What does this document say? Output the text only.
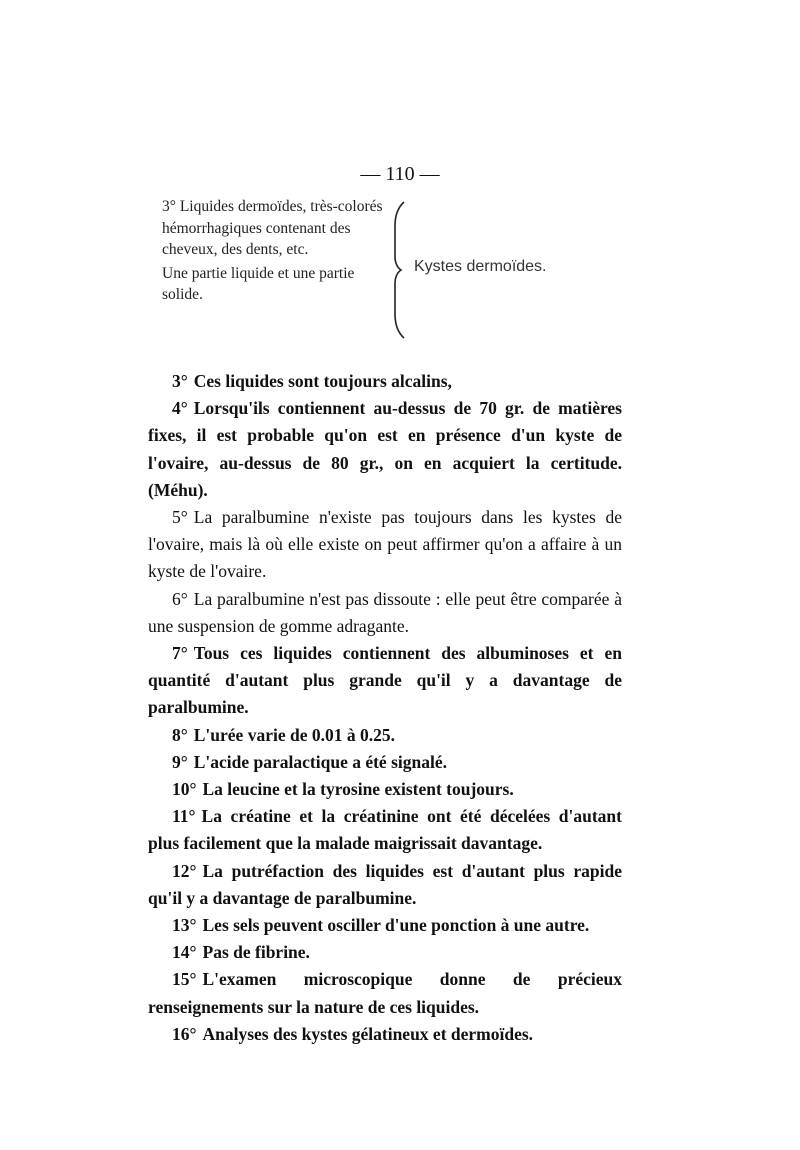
— 110 —

3° Liquides dermoïdes, très-colorés hémorrhagiques contenant des cheveux, des dents, etc.

Une partie liquide et une partie solide.

Kystes dermoïdes.

3° Ces liquides sont toujours alcalins,

4° Lorsqu'ils contiennent au-dessus de 70 gr. de matières fixes, il est probable qu'on est en présence d'un kyste de l'ovaire, au-dessus de 80 gr., on en acquiert la certitude. (Méhu).

5° La paralbumine n'existe pas toujours dans les kystes de l'ovaire, mais là où elle existe on peut affirmer qu'on a affaire à un kyste de l'ovaire.

6° La paralbumine n'est pas dissoute : elle peut être comparée à une suspension de gomme adragante.

7° Tous ces liquides contiennent des albuminoses et en quantité d'autant plus grande qu'il y a davantage de paralbumine.

8° L'urée varie de 0.01 à 0.25.

9° L'acide paralactique a été signalé.

10° La leucine et la tyrosine existent toujours.

11° La créatine et la créatinine ont été décelées d'autant plus facilement que la malade maigrissait davantage.

12° La putréfaction des liquides est d'autant plus rapide qu'il y a davantage de paralbumine.

13° Les sels peuvent osciller d'une ponction à une autre.

14° Pas de fibrine.

15° L'examen microscopique donne de précieux renseignements sur la nature de ces liquides.

16° Analyses des kystes gélatineux et dermoïdes.
